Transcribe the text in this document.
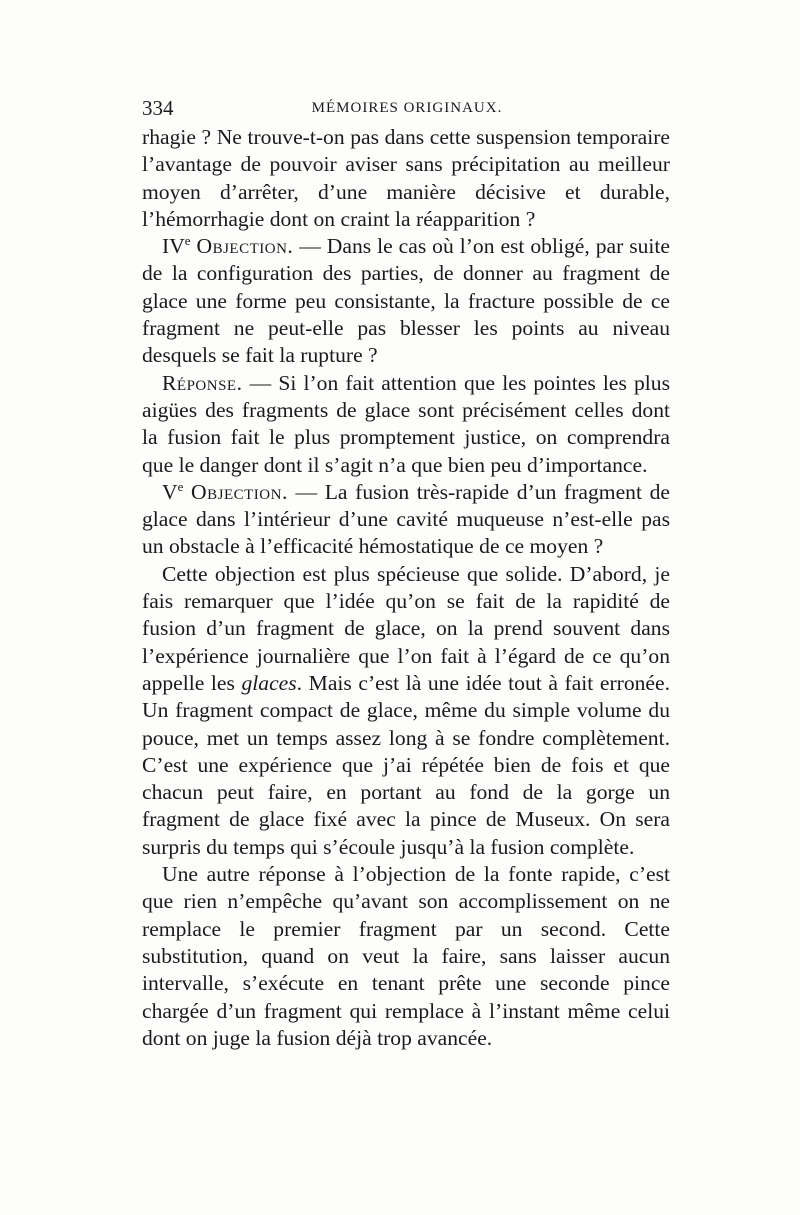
334	MÉMOIRES ORIGINAUX.

rhagie ? Ne trouve-t-on pas dans cette suspension temporaire l’avantage de pouvoir aviser sans précipitation au meilleur moyen d’arrêter, d’une manière décisive et durable, l’hémorrhagie dont on craint la réapparition ?

IVe Objection. — Dans le cas où l’on est obligé, par suite de la configuration des parties, de donner au fragment de glace une forme peu consistante, la fracture possible de ce fragment ne peut-elle pas blesser les points au niveau desquels se fait la rupture ?

Réponse. — Si l’on fait attention que les pointes les plus aigües des fragments de glace sont précisément celles dont la fusion fait le plus promptement justice, on comprendra que le danger dont il s’agit n’a que bien peu d’importance.

Ve Objection. — La fusion très-rapide d’un fragment de glace dans l’intérieur d’une cavité muqueuse n’est-elle pas un obstacle à l’efficacité hémostatique de ce moyen ?

Cette objection est plus spécieuse que solide. D’abord, je fais remarquer que l’idée qu’on se fait de la rapidité de fusion d’un fragment de glace, on la prend souvent dans l’expérience journalière que l’on fait à l’égard de ce qu’on appelle les glaces. Mais c’est là une idée tout à fait erronée. Un fragment compact de glace, même du simple volume du pouce, met un temps assez long à se fondre complètement. C’est une expérience que j’ai répétée bien de fois et que chacun peut faire, en portant au fond de la gorge un fragment de glace fixé avec la pince de Museux. On sera surpris du temps qui s’écoule jusqu’à la fusion complète.

Une autre réponse à l’objection de la fonte rapide, c’est que rien n’empêche qu’avant son accomplissement on ne remplace le premier fragment par un second. Cette substitution, quand on veut la faire, sans laisser aucun intervalle, s’exécute en tenant prête une seconde pince chargée d’un fragment qui remplace à l’instant même celui dont on juge la fusion déjà trop avancée.
